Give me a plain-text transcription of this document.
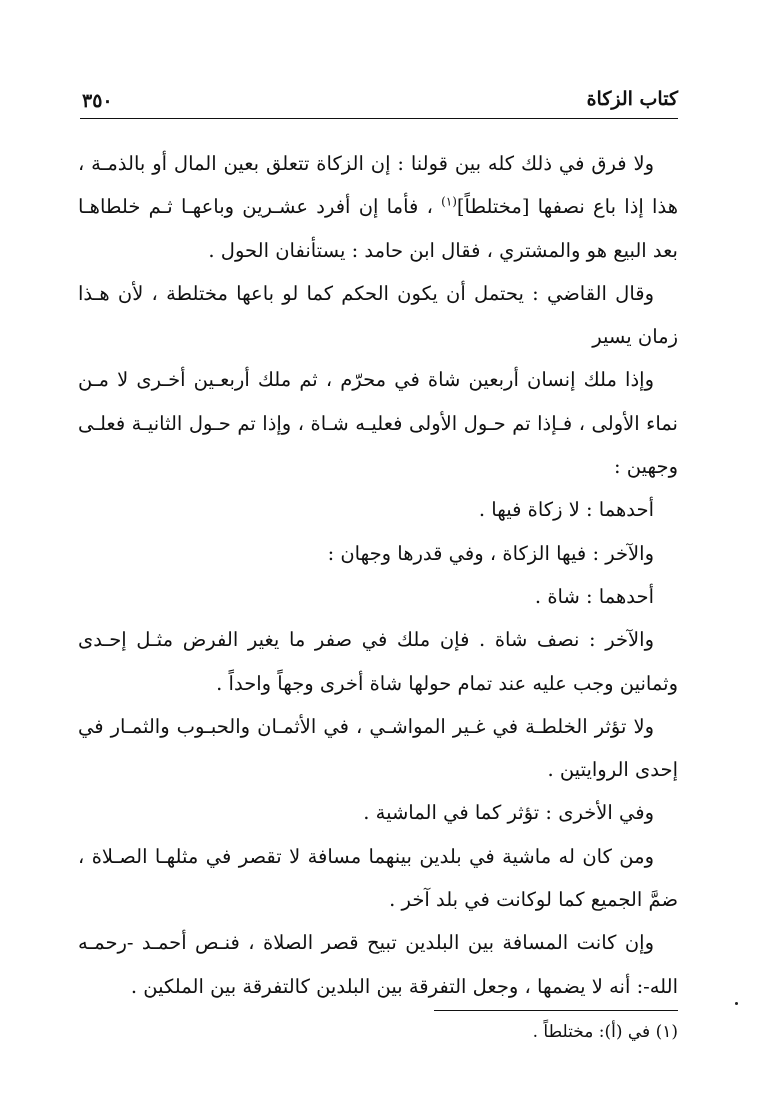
كتاب الزكاة
٣٥٠

ولا فرق في ذلك كله بين قولنا : إن الزكاة تتعلق بعين المال أو بالذمـة ، هذا إذا باع نصفها [مختلطاً]$^{(١)}$ ، فأما إن أفرد عشـرين وباعهـا ثـم خلطاهـا بعد البيع هو والمشتري ، فقال ابن حامد : يستأنفان الحول .

وقال القاضي : يحتمل أن يكون الحكم كما لو باعها مختلطة ، لأن هـذا زمان يسير

وإذا ملك إنسان أربعين شاة في محرّم ، ثم ملك أربعـين أخـرى لا مـن نماء الأولى ، فـإذا تم حـول الأولى فعليـه شـاة ، وإذا تم حـول الثانيـة فعلـى وجهين :

أحدهما : لا زكاة فيها .

والآخر : فيها الزكاة ، وفي قدرها وجهان :

أحدهما : شاة .

والآخر : نصف شاة . فإن ملك في صفر ما يغير الفرض مثـل إحـدى وثمانين وجب عليه عند تمام حولها شاة أخرى وجهاً واحداً .

ولا تؤثر الخلطـة في غـير المواشـي ، في الأثمـان والحبـوب والثمـار في إحدى الروايتين .

وفي الأخرى : تؤثر كما في الماشية .

ومن كان له ماشية في بلدين بينهما مسافة لا تقصر في مثلهـا الصـلاة ، ضمَّ الجميع كما لوكانت في بلد آخر .

وإن كانت المسافة بين البلدين تبيح قصر الصلاة ، فنـص أحمـد -رحمـه الله-: أنه لا يضمها ، وجعل التفرقة بين البلدين كالتفرقة بين الملكين .

(١) في (أ): مختلطاً .
